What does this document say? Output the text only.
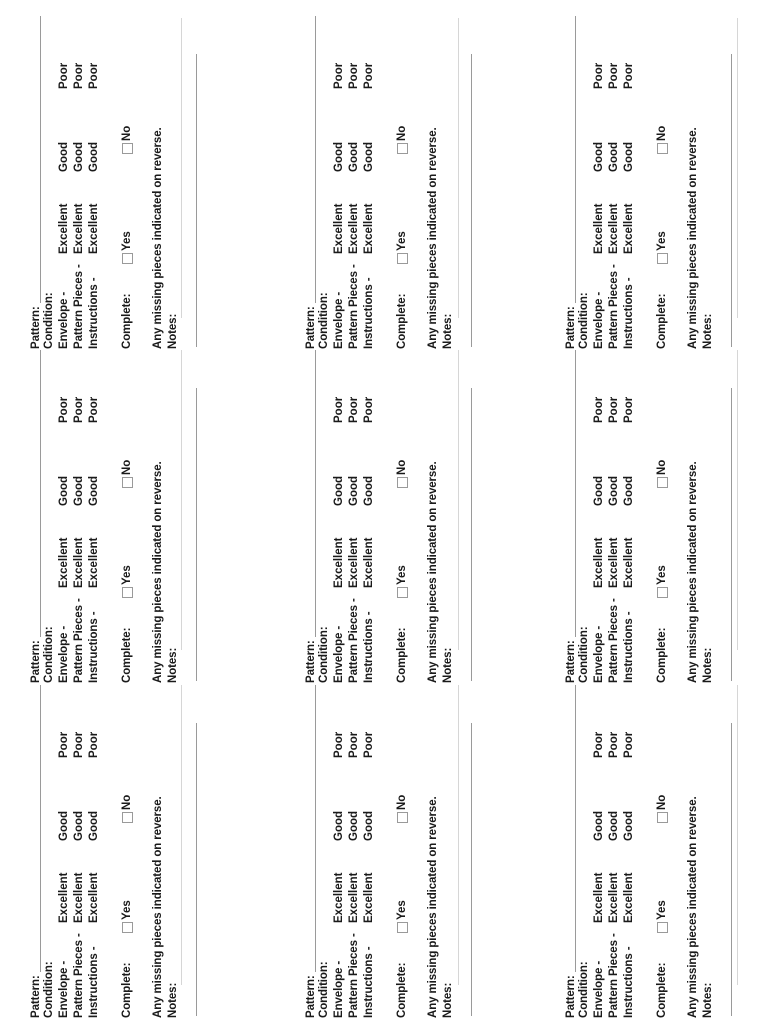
Pattern: Condition: Envelope -
Excellent
Good
Poor
Pattern Pieces -
Excellent
Good
Poor
Instructions -
Excellent
Good
Poor
Complete:
Yes
No Any missing pieces indicated on reverse. Notes:
Pattern: Condition: Envelope -
Excellent
Good
Poor
Pattern Pieces -
Excellent
Good
Poor
Instructions -
Excellent
Good
Poor
Complete:
Yes
No Any missing pieces indicated on reverse. Notes:
Pattern: Condition: Envelope -
Excellent
Good
Poor
Pattern Pieces -
Excellent
Good
Poor
Instructions -
Excellent
Good
Poor
Complete:
Yes
No Any missing pieces indicated on reverse. Notes:
Pattern: Condition: Envelope -
Excellent
Good
Poor
Pattern Pieces -
Excellent
Good
Poor
Instructions -
Excellent
Good
Poor
Complete:
Yes
No Any missing pieces indicated on reverse. Notes:
Pattern: Condition: Envelope -
Excellent
Good
Poor
Pattern Pieces -
Excellent
Good
Poor
Instructions -
Excellent
Good
Poor
Complete:
Yes
No Any missing pieces indicated on reverse. Notes:
Pattern: Condition: Envelope -
Excellent
Good
Poor
Pattern Pieces -
Excellent
Good
Poor
Instructions -
Excellent
Good
Poor
Complete:
Yes
No Any missing pieces indicated on reverse. Notes:
Pattern: Condition: Envelope -
Excellent
Good
Poor
Pattern Pieces -
Excellent
Good
Poor
Instructions -
Excellent
Good
Poor
Complete:
Yes
No Any missing pieces indicated on reverse. Notes:
Pattern: Condition: Envelope -
Excellent
Good
Poor
Pattern Pieces -
Excellent
Good
Poor
Instructions -
Excellent
Good
Poor
Complete:
Yes
No Any missing pieces indicated on reverse. Notes:
Pattern: Condition: Envelope -
Excellent
Good
Poor
Pattern Pieces -
Excellent
Good
Poor
Instructions -
Excellent
Good
Poor
Complete:
Yes
No Any missing pieces indicated on reverse. Notes:
